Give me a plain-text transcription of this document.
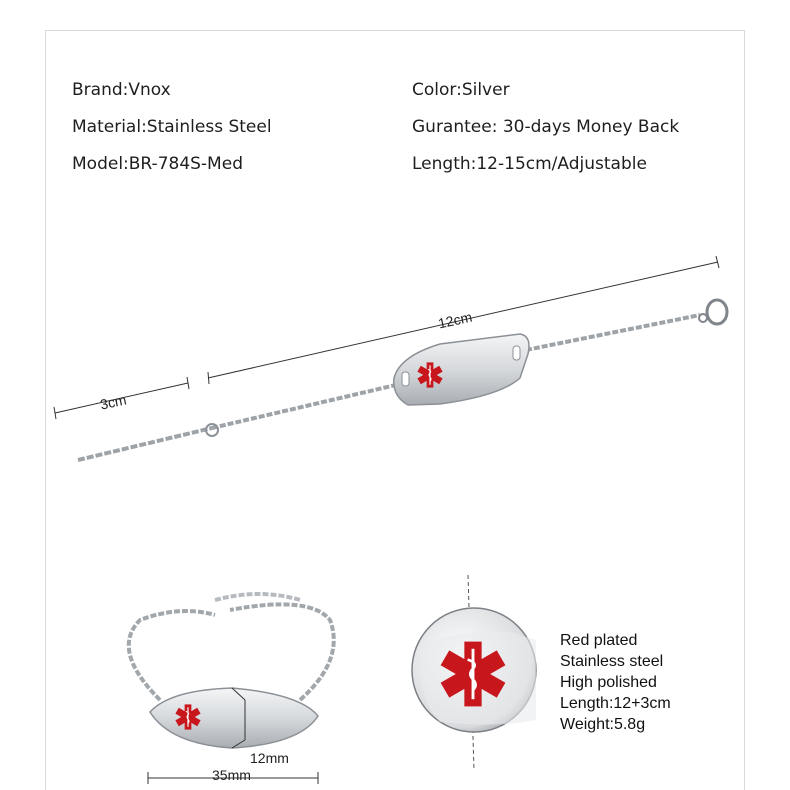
Brand:Vnox	Color:Silver
Material:Stainless Steel	Gurantee: 30-days Money Back
Model:BR-784S-Med	Length:12-15cm/Adjustable
12cm
3cm
12mm
35mm
Red plated
Stainless steel
High polished
Length:12+3cm
Weight:5.8g
